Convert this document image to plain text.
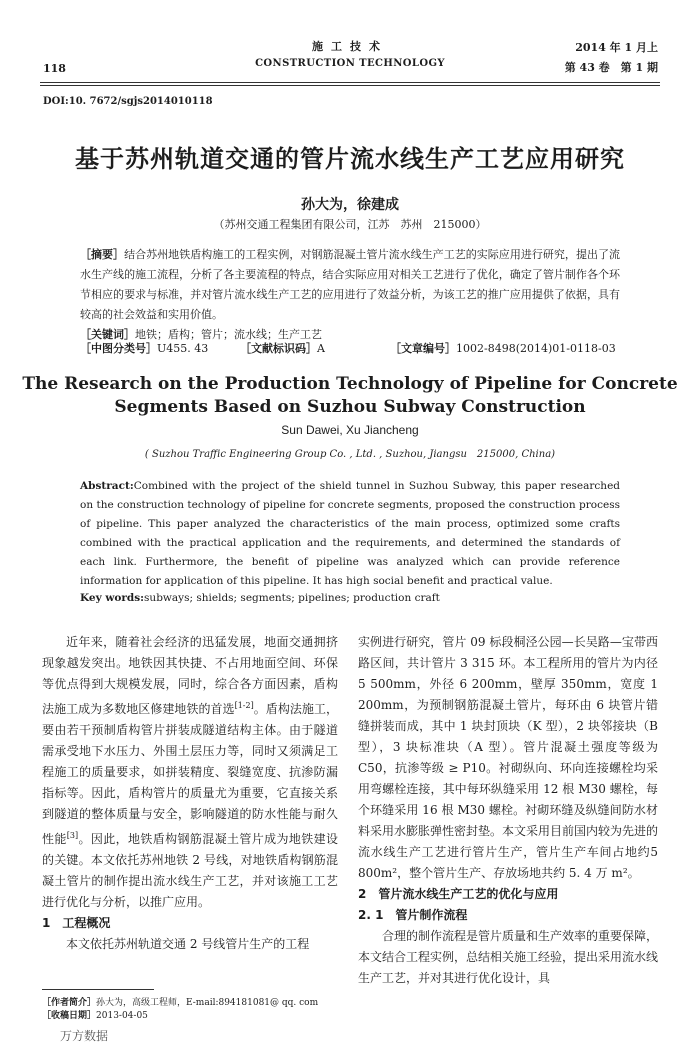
118
施工技术
CONSTRUCTION TECHNOLOGY
2014 年 1 月上
第 43 卷　第 1 期
DOI:10. 7672/sgjs2014010118
基于苏州轨道交通的管片流水线生产工艺应用研究
孙大为，徐建成
（苏州交通工程集团有限公司，江苏　苏州　215000）
［摘要］结合苏州地铁盾构施工的工程实例，对钢筋混凝土管片流水线生产工艺的实际应用进行研究，提出了流水生产线的施工流程，分析了各主要流程的特点，结合实际应用对相关工艺进行了优化，确定了管片制作各个环节相应的要求与标准，并对管片流水线生产工艺的应用进行了效益分析，为该工艺的推广应用提供了依据，具有较高的社会效益和实用价值。
［关键词］地铁；盾构；管片；流水线；生产工艺
［中图分类号］U455. 43	［文献标识码］A	［文章编号］1002-8498(2014)01-0118-03
The Research on the Production Technology of Pipeline for Concrete Segments Based on Suzhou Subway Construction
Sun Dawei, Xu Jiancheng
( Suzhou Traffic Engineering Group Co. , Ltd. , Suzhou, Jiangsu　215000, China)
Abstract:Combined with the project of the shield tunnel in Suzhou Subway, this paper researched on the construction technology of pipeline for concrete segments, proposed the construction process of pipeline. This paper analyzed the characteristics of the main process, optimized some crafts combined with the practical application and the requirements, and determined the standards of each link. Furthermore, the benefit of pipeline was analyzed which can provide reference information for application of this pipeline. It has high social benefit and practical value.
Key words:subways; shields; segments; pipelines; production craft
近年来，随着社会经济的迅猛发展，地面交通拥挤现象越发突出。地铁因其快捷、不占用地面空间、环保等优点得到大规模发展，同时，综合各方面因素，盾构法施工成为多数地区修建地铁的首选[1-2]。盾构法施工，要由若干预制盾构管片拼装成隧道结构主体。由于隧道需承受地下水压力、外围土层压力等，同时又须满足工程施工的质量要求，如拼装精度、裂缝宽度、抗渗防漏指标等。因此，盾构管片的质量尤为重要，它直接关系到隧道的整体质量与安全，影响隧道的防水性能与耐久性能[3]。因此，地铁盾构钢筋混凝土管片成为地铁建设的关键。本文依托苏州地铁 2 号线，对地铁盾构钢筋混凝土管片的制作提出流水线生产工艺，并对该施工工艺进行优化与分析，以推广应用。
1　工程概况
本文依托苏州轨道交通 2 号线管片生产的工程
实例进行研究，管片 09 标段桐泾公园—长吴路—宝带西路区间，共计管片 3 315 环。本工程所用的管片为内径 5 500mm，外径 6 200mm，壁厚 350mm，宽度 1 200mm，为预制钢筋混凝土管片，每环由 6 块管片错缝拼装而成，其中 1 块封顶块（K 型），2 块邻接块（B 型），3 块标准块（A 型）。管片混凝土强度等级为 C50，抗渗等级 ≥ P10。衬砌纵向、环向连接螺栓均采用弯螺栓连接，其中每环纵缝采用 12 根 M30 螺栓，每个环缝采用 16 根 M30 螺栓。衬砌环缝及纵缝间防水材料采用水膨胀弹性密封垫。本文采用目前国内较为先进的流水线生产工艺进行管片生产，管片生产车间占地约5 800m²，整个管片生产、存放场地共约 5. 4 万 m²。
2　管片流水线生产工艺的优化与应用
2. 1　管片制作流程
合理的制作流程是管片质量和生产效率的重要保障，本文结合工程实例，总结相关施工经验，提出采用流水线生产工艺，并对其进行优化设计，具
［作者简介］孙大为，高级工程师，E-mail:894181081@ qq. com
［收稿日期］2013-04-05
万方数据
